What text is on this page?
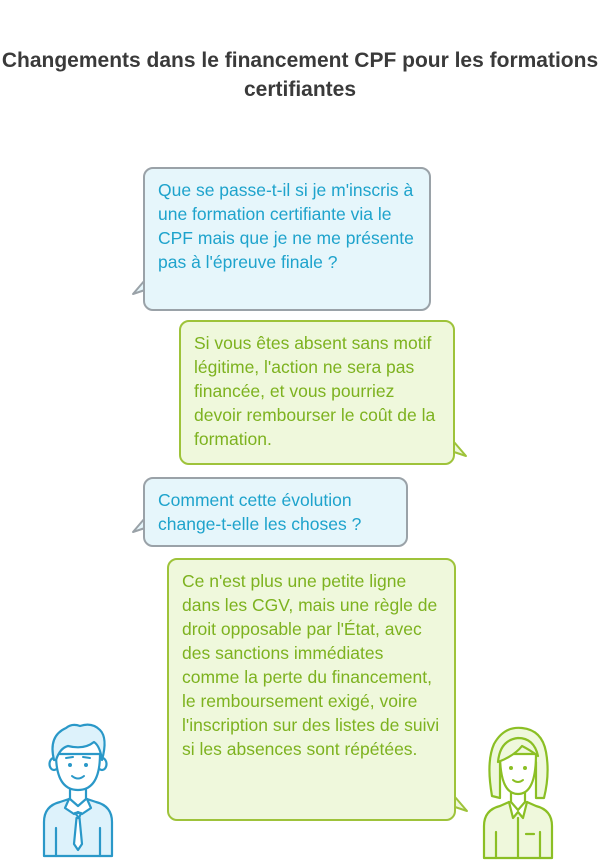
Changements dans le financement CPF pour les formations certifiantes
Que se passe-t-il si je m'inscris à une formation certifiante via le CPF mais que je ne me présente pas à l'épreuve finale ?
Si vous êtes absent sans motif légitime, l'action ne sera pas financée, et vous pourriez devoir rembourser le coût de la formation.
Comment cette évolution change-t-elle les choses ?
Ce n'est plus une petite ligne dans les CGV, mais une règle de droit opposable par l'État, avec des sanctions immédiates comme la perte du financement, le remboursement exigé, voire l'inscription sur des listes de suivi si les absences sont répétées.
